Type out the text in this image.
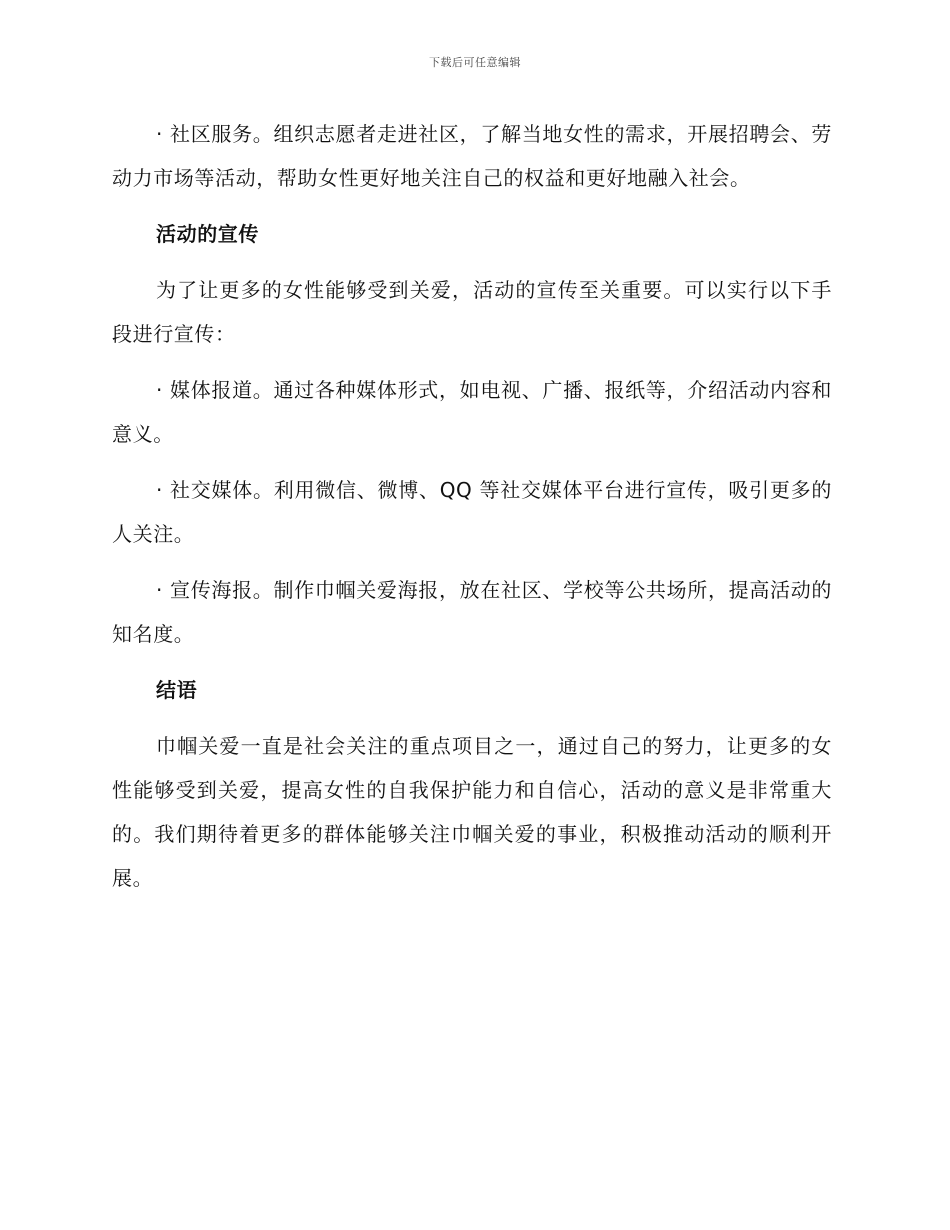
下载后可任意编辑

· 社区服务。组织志愿者走进社区，了解当地女性的需求，开展招聘会、劳动力市场等活动，帮助女性更好地关注自己的权益和更好地融入社会。

活动的宣传

为了让更多的女性能够受到关爱，活动的宣传至关重要。可以实行以下手段进行宣传：

· 媒体报道。通过各种媒体形式，如电视、广播、报纸等，介绍活动内容和意义。

· 社交媒体。利用微信、微博、QQ 等社交媒体平台进行宣传，吸引更多的人关注。

· 宣传海报。制作巾帼关爱海报，放在社区、学校等公共场所，提高活动的知名度。

结语

巾帼关爱一直是社会关注的重点项目之一，通过自己的努力，让更多的女性能够受到关爱，提高女性的自我保护能力和自信心，活动的意义是非常重大的。我们期待着更多的群体能够关注巾帼关爱的事业，积极推动活动的顺利开展。
